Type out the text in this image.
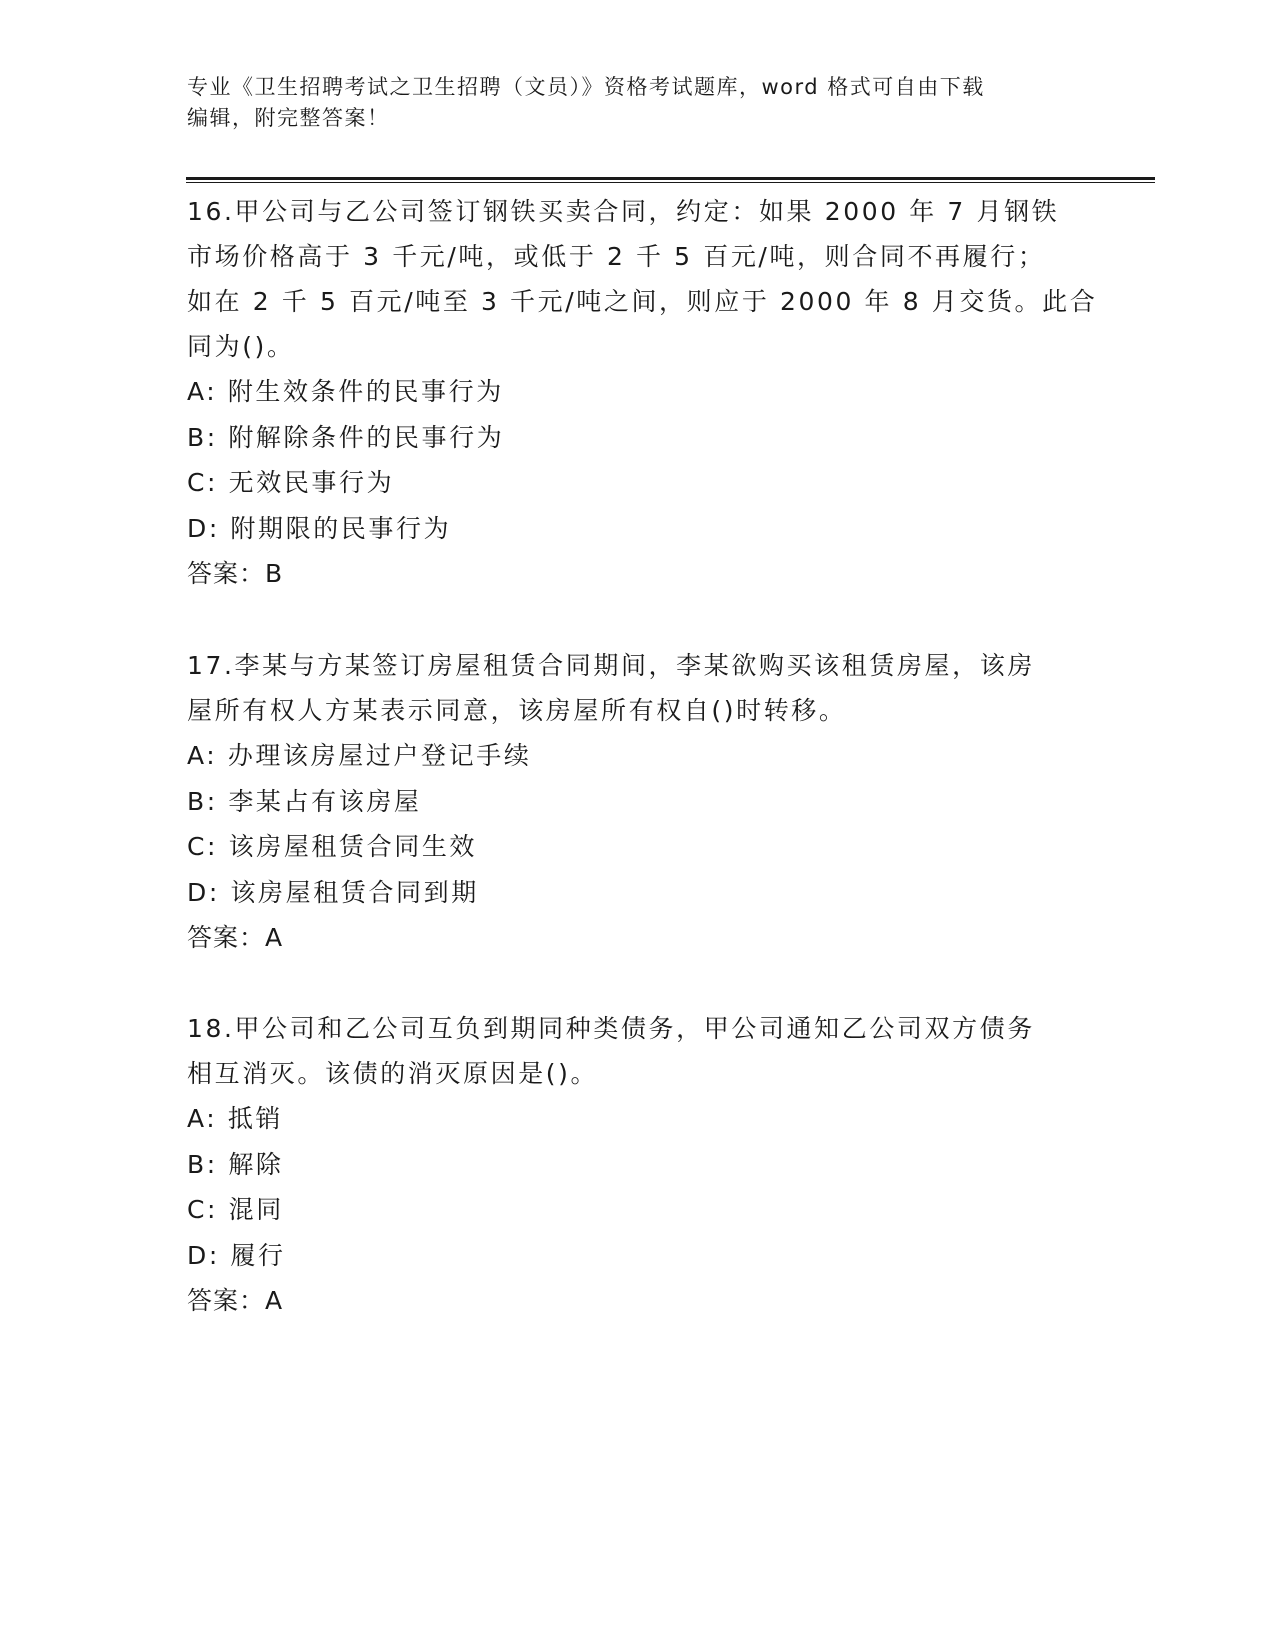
专业《卫生招聘考试之卫生招聘（文员）》资格考试题库，word 格式可自由下载
编辑，附完整答案！
16.甲公司与乙公司签订钢铁买卖合同，约定：如果 2000 年 7 月钢铁
市场价格高于 3 千元/吨，或低于 2 千 5 百元/吨，则合同不再履行；
如在 2 千 5 百元/吨至 3 千元/吨之间，则应于 2000 年 8 月交货。此合
同为()。
A: 附生效条件的民事行为
B: 附解除条件的民事行为
C: 无效民事行为
D: 附期限的民事行为
答案：B
17.李某与方某签订房屋租赁合同期间，李某欲购买该租赁房屋，该房
屋所有权人方某表示同意，该房屋所有权自()时转移。
A: 办理该房屋过户登记手续
B: 李某占有该房屋
C: 该房屋租赁合同生效
D: 该房屋租赁合同到期
答案：A
18.甲公司和乙公司互负到期同种类债务，甲公司通知乙公司双方债务
相互消灭。该债的消灭原因是()。
A: 抵销
B: 解除
C: 混同
D: 履行
答案：A
